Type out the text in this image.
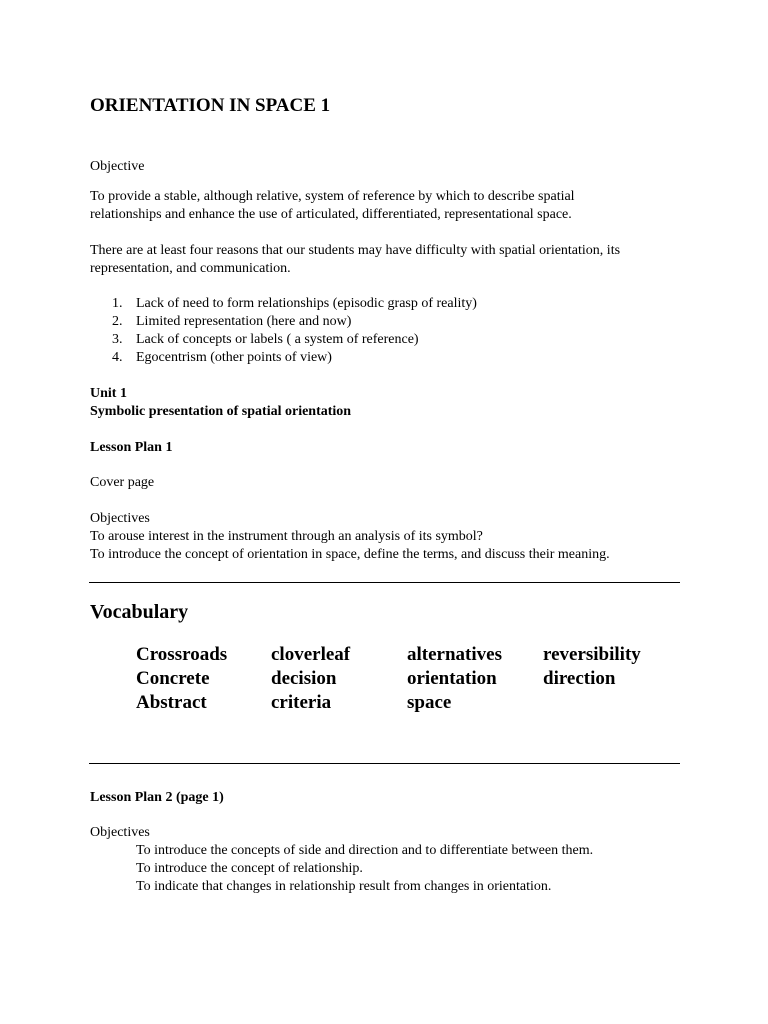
ORIENTATION IN SPACE 1
Objective
To provide a stable, although relative, system of reference by which to describe spatial
relationships and enhance the use of articulated, differentiated, representational space.
There are at least four reasons that our students may have difficulty with spatial orientation, its
representation, and communication.
1. Lack of need to form relationships (episodic grasp of reality)
2. Limited representation (here and now)
3. Lack of concepts or labels ( a system of reference)
4. Egocentrism (other points of view)
Unit 1
Symbolic presentation of spatial orientation
Lesson Plan 1
Cover page
Objectives
To arouse interest in the instrument through an analysis of its symbol?
To introduce the concept of orientation in space, define the terms, and discuss their meaning.
Vocabulary
Crossroads	cloverleaf	alternatives	reversibility
Concrete	decision	orientation	direction
Abstract	criteria	space
Lesson Plan 2 (page 1)
Objectives
To introduce the concepts of side and direction and to differentiate between them.
To introduce the concept of relationship.
To indicate that changes in relationship result from changes in orientation.
